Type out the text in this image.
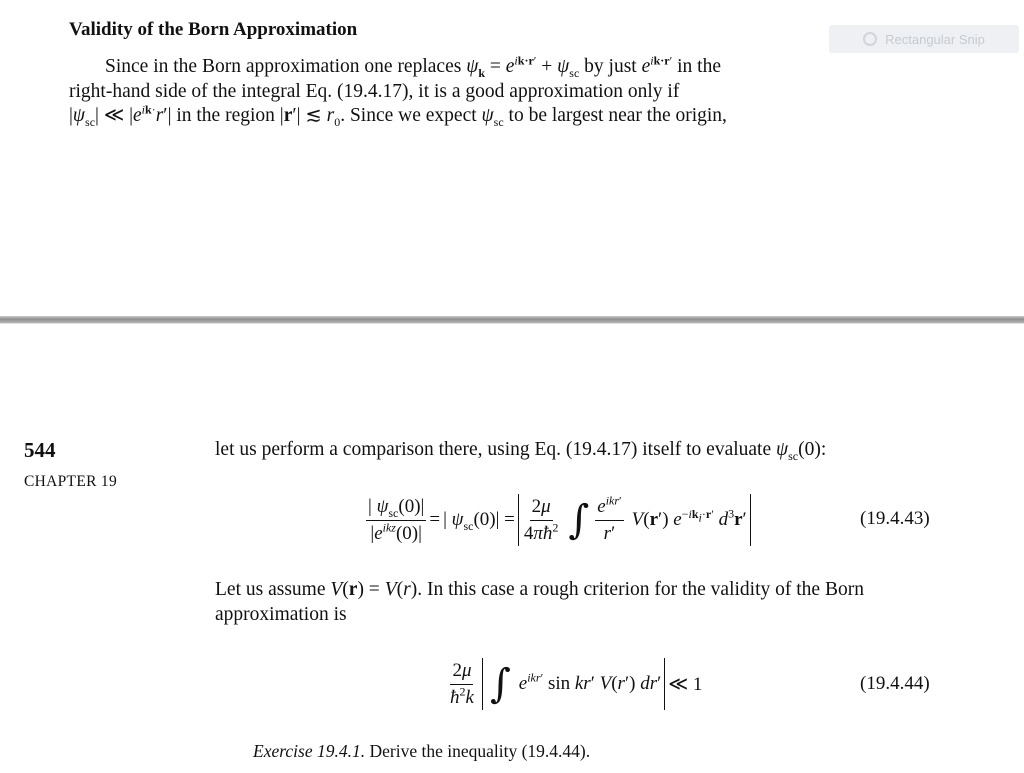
Validity of the Born Approximation	Rectangular Snip
Since in the Born approximation one replaces $\psi_k = e^{ik\cdot r'} + \psi_{sc}$ by just $e^{ik\cdot r'}$ in the
right-hand side of the integral Eq. (19.4.17), it is a good approximation only if
$|\psi_{sc}|$ ≪ $|e^{ik\cdot}r'|$ in the region |r′| ≲ $r_0$. Since we expect $\psi_{sc}$ to be largest near the origin,
544
CHAPTER 19
let us perform a comparison there, using Eq. (19.4.17) itself to evaluate $\psi_{sc}(0)$:
$\frac{| \psi_{sc}(0)|}{|e^{ikz}(0)|}$ = | $\psi_{sc}(0)| = \frac{2\mu}{4\pi ħ^2}$ ∫ $\frac{e^{ikr'}}{r'} V(r')$ $e^{-ik_i\cdot r'}$ $d^3r'$	(19.4.43)
Let us assume V(r) = V(r). In this case a rough criterion for the validity of the Born
approximation is
$\frac{2\mu}{ħ^2k}$ ∫ $e^{ikr'}$ sin kr′ V(r′) dr′ ≪ 1	(19.4.44)
Exercise 19.4.1. Derive the inequality (19.4.44).
